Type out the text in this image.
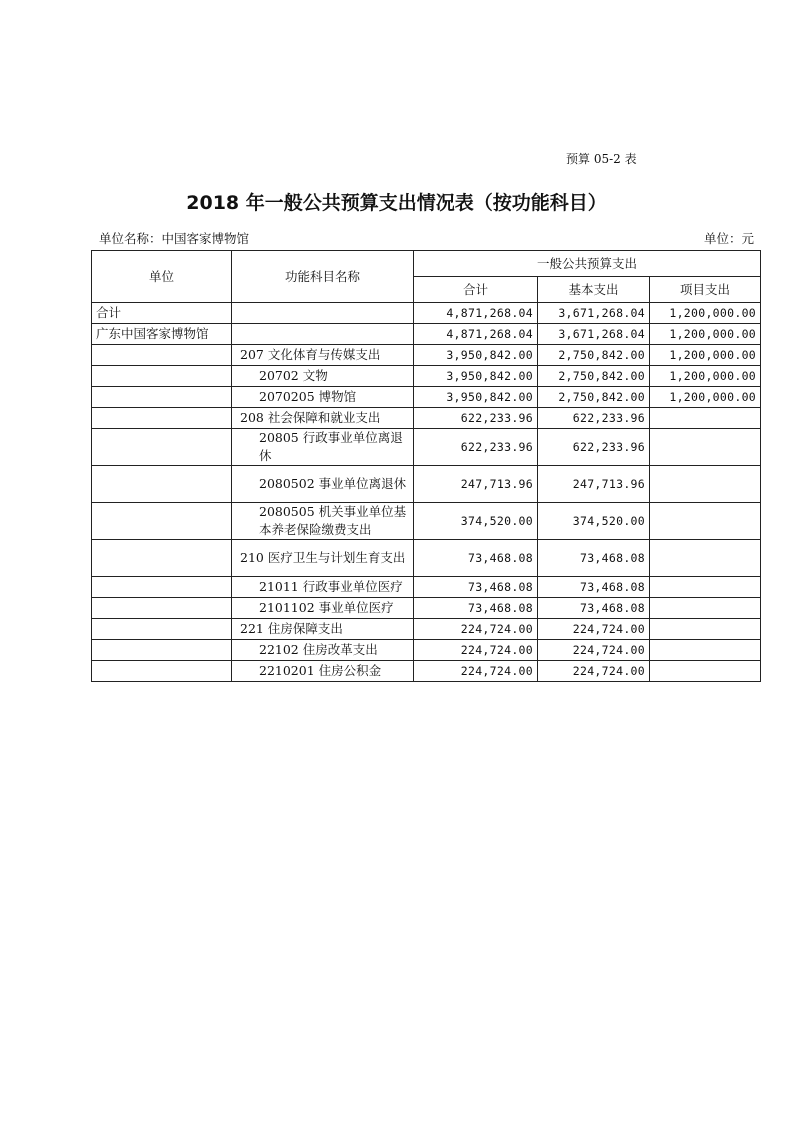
预算 05-2 表
2018 年一般公共预算支出情况表（按功能科目）
单位名称：中国客家博物馆	单位：元
单位	功能科目名称	一般公共预算支出		
		合计	基本支出	项目支出
合计		4,871,268.04	3,671,268.04	1,200,000.00
广东中国客家博物馆		4,871,268.04	3,671,268.04	1,200,000.00
	207 文化体育与传媒支出	3,950,842.00	2,750,842.00	1,200,000.00
	20702 文物	3,950,842.00	2,750,842.00	1,200,000.00
	2070205 博物馆	3,950,842.00	2,750,842.00	1,200,000.00
	208 社会保障和就业支出	622,233.96	622,233.96	
	20805 行政事业单位离退休	622,233.96	622,233.96	
	2080502 事业单位离退休	247,713.96	247,713.96	
	2080505 机关事业单位基本养老保险缴费支出	374,520.00	374,520.00	
	210 医疗卫生与计划生育支出	73,468.08	73,468.08	
	21011 行政事业单位医疗	73,468.08	73,468.08	
	2101102 事业单位医疗	73,468.08	73,468.08	
	221 住房保障支出	224,724.00	224,724.00	
	22102 住房改革支出	224,724.00	224,724.00	
	2210201 住房公积金	224,724.00	224,724.00	
